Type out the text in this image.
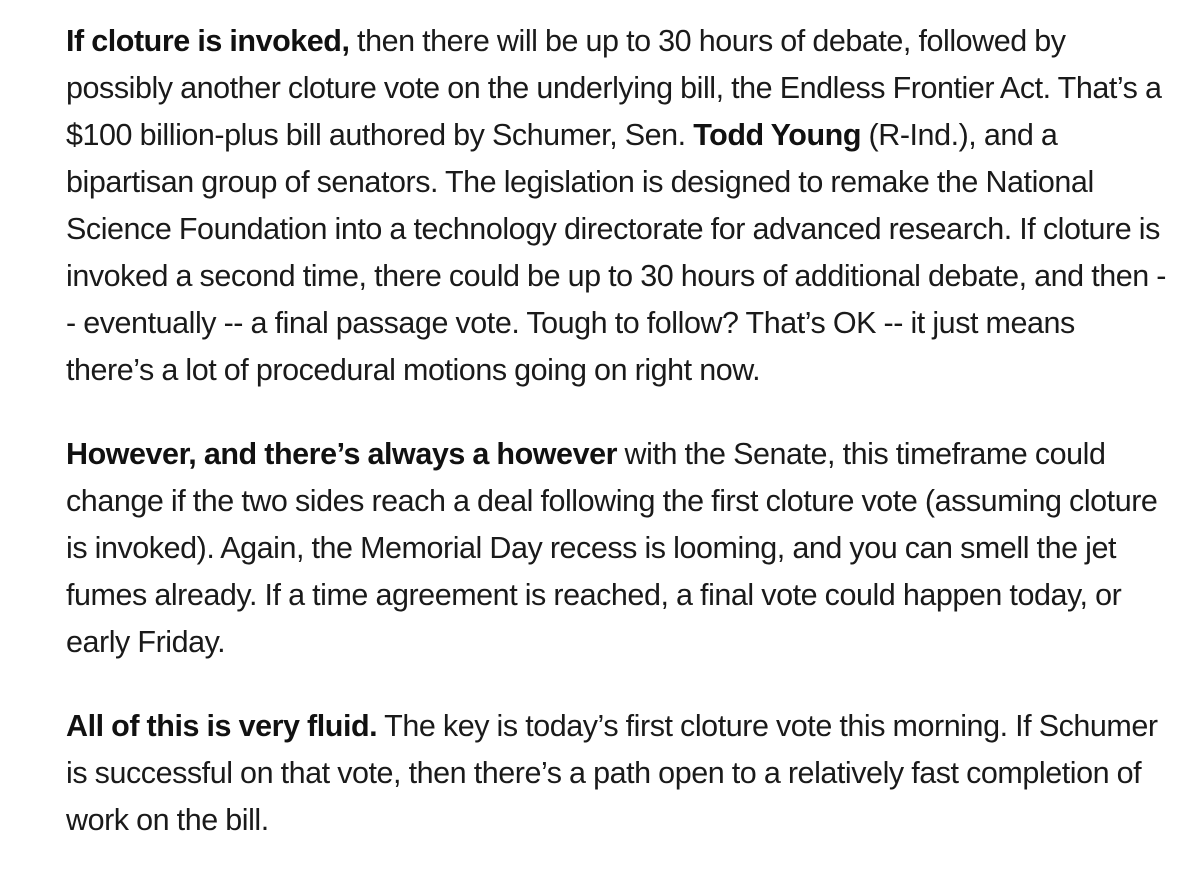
If cloture is invoked, then there will be up to 30 hours of debate, followed by possibly another cloture vote on the underlying bill, the Endless Frontier Act. That’s a $100 billion-plus bill authored by Schumer, Sen. Todd Young (R-Ind.), and a bipartisan group of senators. The legislation is designed to remake the National Science Foundation into a technology directorate for advanced research. If cloture is invoked a second time, there could be up to 30 hours of additional debate, and then -- eventually -- a final passage vote. Tough to follow? That’s OK -- it just means there’s a lot of procedural motions going on right now.

However, and there’s always a however with the Senate, this timeframe could change if the two sides reach a deal following the first cloture vote (assuming cloture is invoked). Again, the Memorial Day recess is looming, and you can smell the jet fumes already. If a time agreement is reached, a final vote could happen today, or early Friday.

All of this is very fluid. The key is today’s first cloture vote this morning. If Schumer is successful on that vote, then there’s a path open to a relatively fast completion of work on the bill.
